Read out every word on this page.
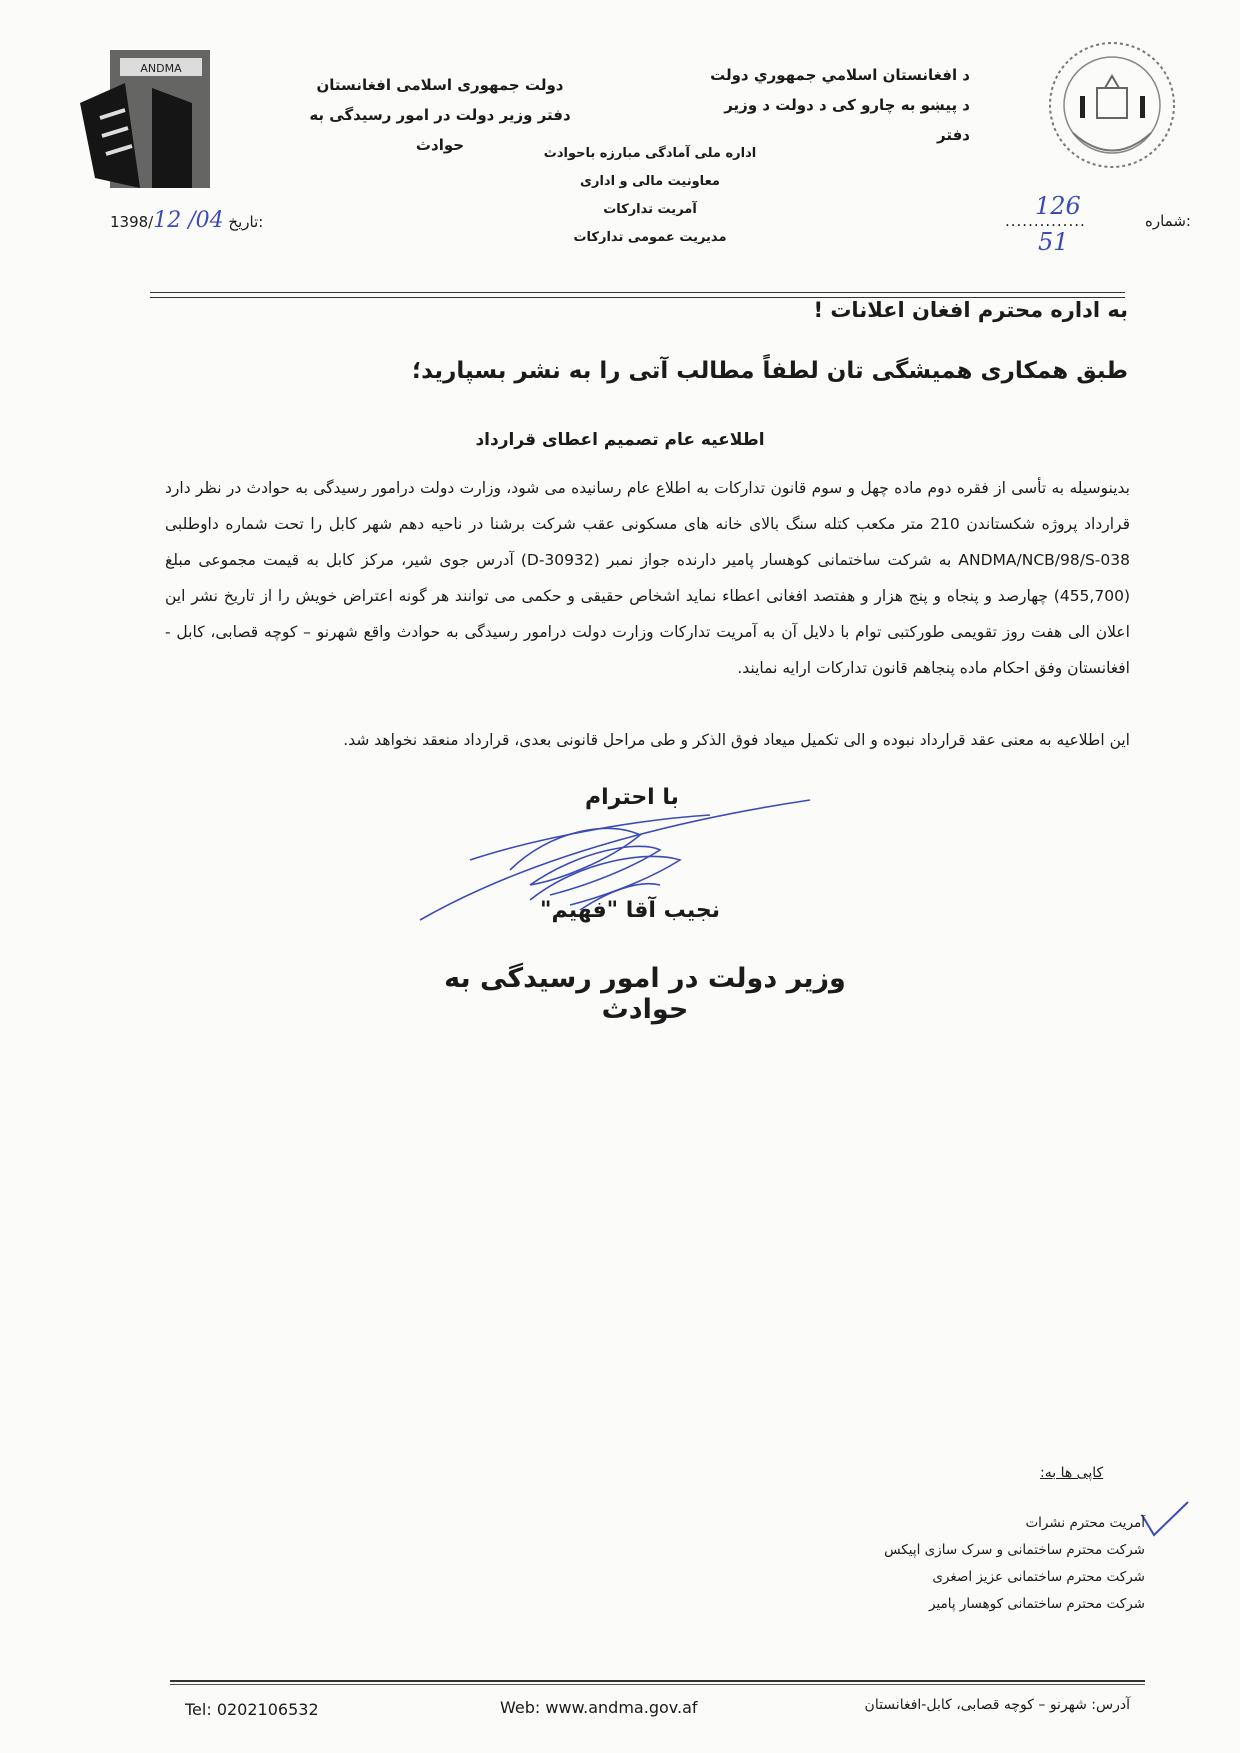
ANDMA
دولت جمهوری اسلامی افغانستان
دفتر وزیر دولت در امور رسیدگی به حوادث
د افغانستان اسلامي جمهوري دولت
د پیښو به چارو کی د دولت د وزیر دفتر
اداره ملی آمادگی مبارزه باحوادث
معاونیت مالی و اداری
آمریت تدارکات
مدیریت عمومی تدارکات
1398/12 /04 تاریخ:	..............	شماره:
126
51
به اداره محترم افغان اعلانات !
طبق همکاری همیشگی تان لطفاً مطالب آتی را به نشر بسپارید؛
اطلاعیه عام تصمیم اعطای قرارداد
بدینوسیله به تأسی از فقره دوم ماده چهل و سوم قانون تدارکات به اطلاع عام رسانیده می شود، وزارت دولت درامور رسیدگی به حوادث در نظر دارد قرارداد پروژه شکستاندن 210 متر مکعب کتله سنگ بالای خانه های مسکونی عقب شرکت برشنا در ناحیه دهم شهر کابل را تحت شماره داوطلبی ANDMA/NCB/98/S-038 به شرکت ساختمانی کوهسار پامیر دارنده جواز نمبر (D-30932) آدرس جوی شیر، مرکز کابل به قیمت مجموعی مبلغ (455,700) چهارصد و پنجاه و پنج هزار و هفتصد افغانی اعطاء نماید اشخاص حقیقی و حکمی می توانند هر گونه اعتراض خویش را از تاریخ نشر این اعلان الی هفت روز تقویمی طورکتبی توام با دلایل آن به آمریت تدارکات وزارت دولت درامور رسیدگی به حوادث واقع شهرنو – کوچه قصابی، کابل - افغانستان وفق احکام ماده پنجاهم قانون تدارکات ارایه نمایند.
این اطلاعیه به معنی عقد قرارداد نبوده و الی تکمیل میعاد فوق الذکر و طی مراحل قانونی بعدی، قرارداد منعقد نخواهد شد.
با احترام
نجیب آقا "فهیم"
وزیر دولت در امور رسیدگی به حوادث
کاپی ها به:
آمریت محترم نشرات
شرکت محترم ساختمانی و سرک سازی اپیکس
شرکت محترم ساختمانی عزیز اصغری
شرکت محترم ساختمانی کوهسار پامیر
Tel: 0202106532	Web: www.andma.gov.af	آدرس: شهرنو – کوچه قصابی، کابل-افغانستان
